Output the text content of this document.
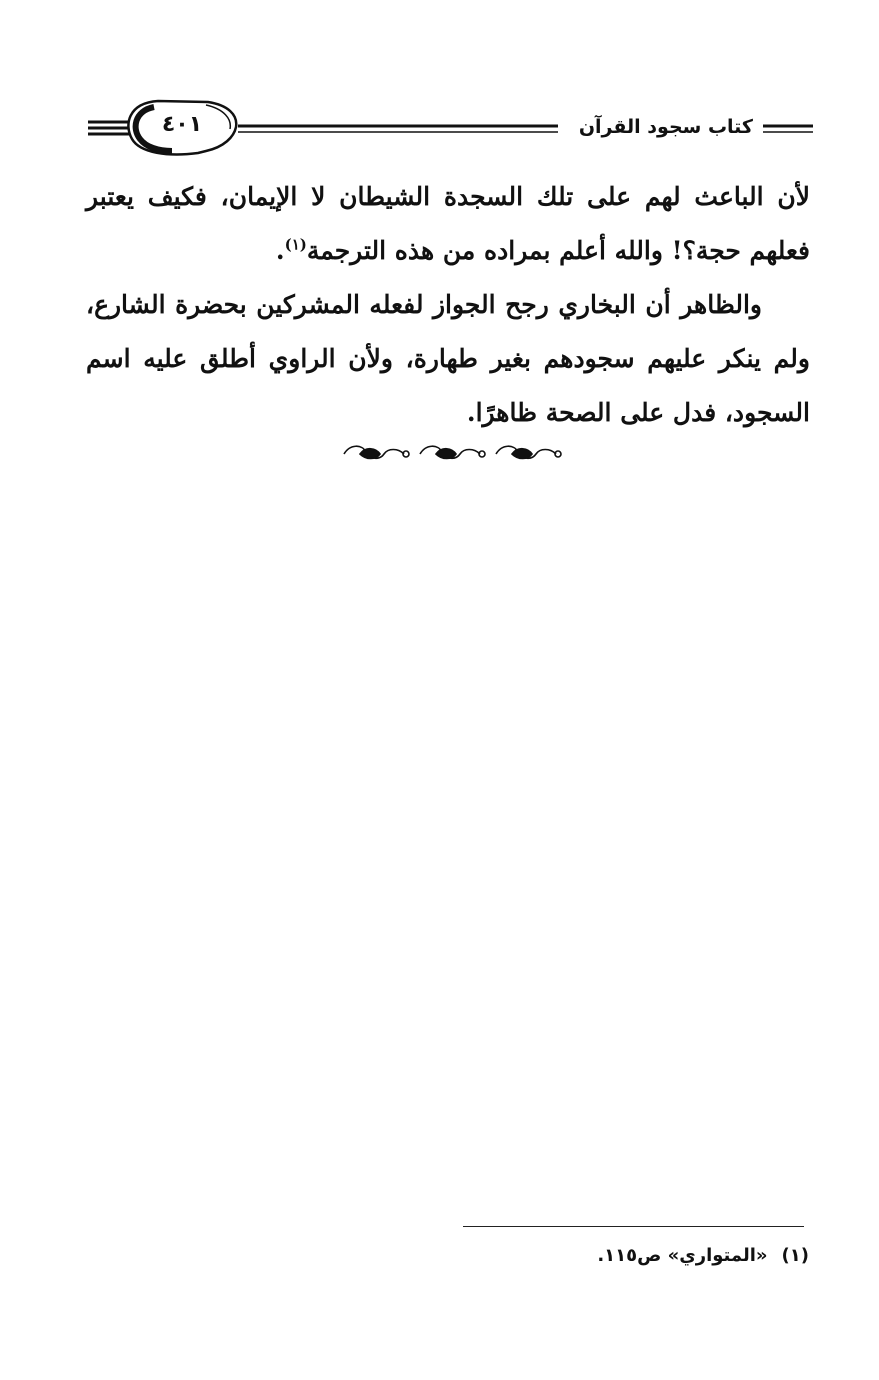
٤٠١	كتاب سجود القرآن

لأن الباعث لهم على تلك السجدة الشيطان لا الإيمان، فكيف يعتبر فعلهم حجة؟! والله أعلم بمراده من هذه الترجمة$^{(١)}$.

والظاهر أن البخاري رجح الجواز لفعله المشركين بحضرة الشارع، ولم ينكر عليهم سجودهم بغير طهارة، ولأن الراوي أطلق عليه اسم السجود، فدل على الصحة ظاهرًا.

(١)«المتواري» ص١١٥.
